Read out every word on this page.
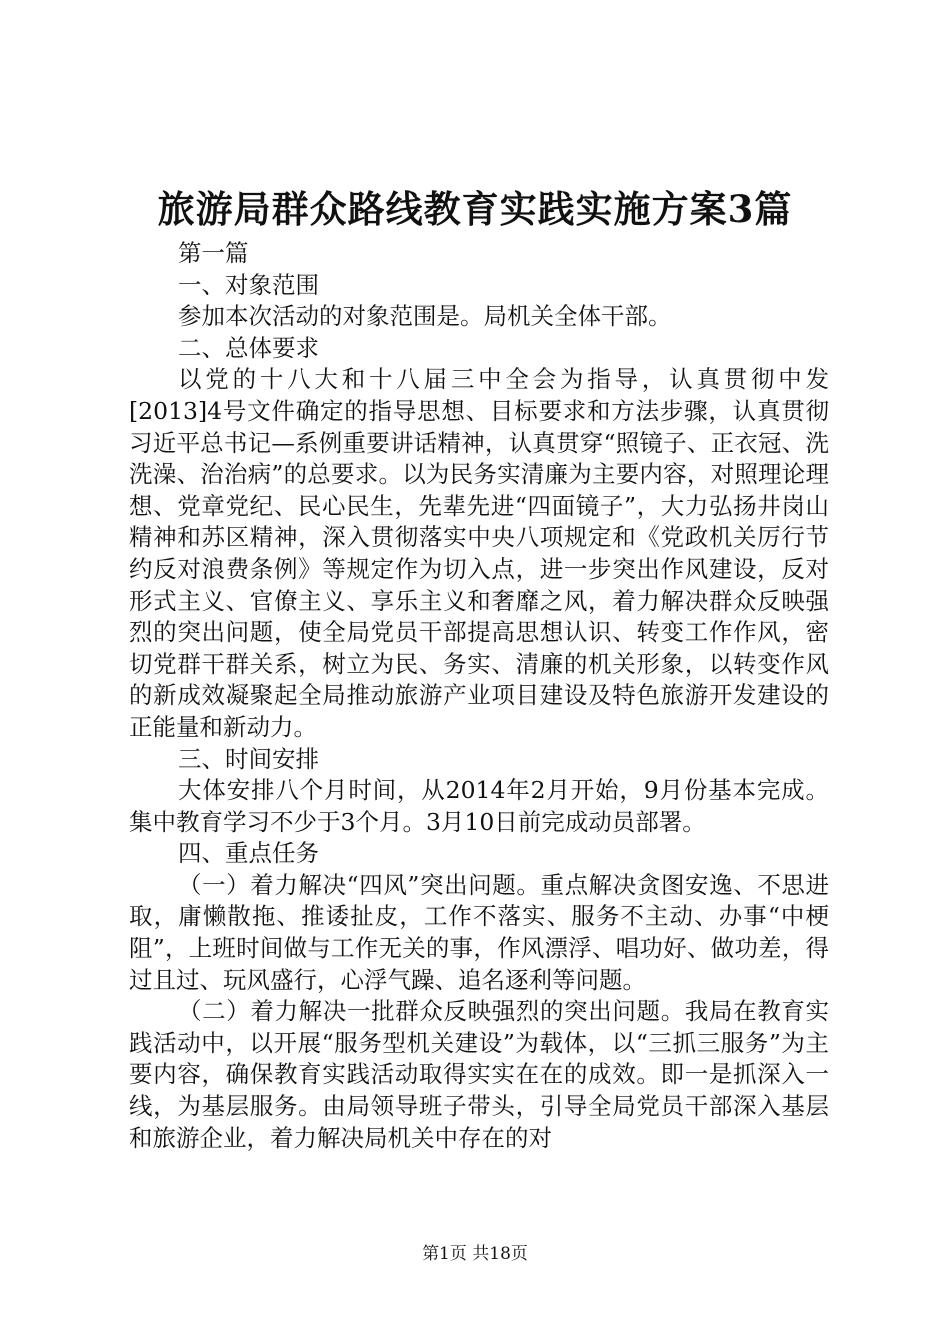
旅游局群众路线教育实践实施方案3篇

第一篇

一、对象范围

参加本次活动的对象范围是。局机关全体干部。

二、总体要求

以党的十八大和十八届三中全会为指导，认真贯彻中发[2013]4号文件确定的指导思想、目标要求和方法步骤，认真贯彻习近平总书记—系例重要讲话精神，认真贯穿“照镜子、正衣冠、洗洗澡、治治病”的总要求。以为民务实清廉为主要内容，对照理论理想、党章党纪、民心民生，先辈先进“四面镜子”，大力弘扬井岗山精神和苏区精神，深入贯彻落实中央八项规定和《党政机关厉行节约反对浪费条例》等规定作为切入点，进一步突出作风建设，反对形式主义、官僚主义、享乐主义和奢靡之风，着力解决群众反映强烈的突出问题，使全局党员干部提高思想认识、转变工作作风，密切党群干群关系，树立为民、务实、清廉的机关形象，以转变作风的新成效凝聚起全局推动旅游产业项目建设及特色旅游开发建设的正能量和新动力。

三、时间安排

大体安排八个月时间，从2014年2月开始，9月份基本完成。集中教育学习不少于3个月。3月10日前完成动员部署。

四、重点任务

（一）着力解决“四风”突出问题。重点解决贪图安逸、不思进取，庸懒散拖、推诿扯皮，工作不落实、服务不主动、办事“中梗阻”，上班时间做与工作无关的事，作风漂浮、唱功好、做功差，得过且过、玩风盛行，心浮气躁、追名逐利等问题。

（二）着力解决一批群众反映强烈的突出问题。我局在教育实践活动中，以开展“服务型机关建设”为载体，以“三抓三服务”为主要内容，确保教育实践活动取得实实在在的成效。即一是抓深入一线，为基层服务。由局领导班子带头，引导全局党员干部深入基层和旅游企业，着力解决局机关中存在的对

第1页 共18页
